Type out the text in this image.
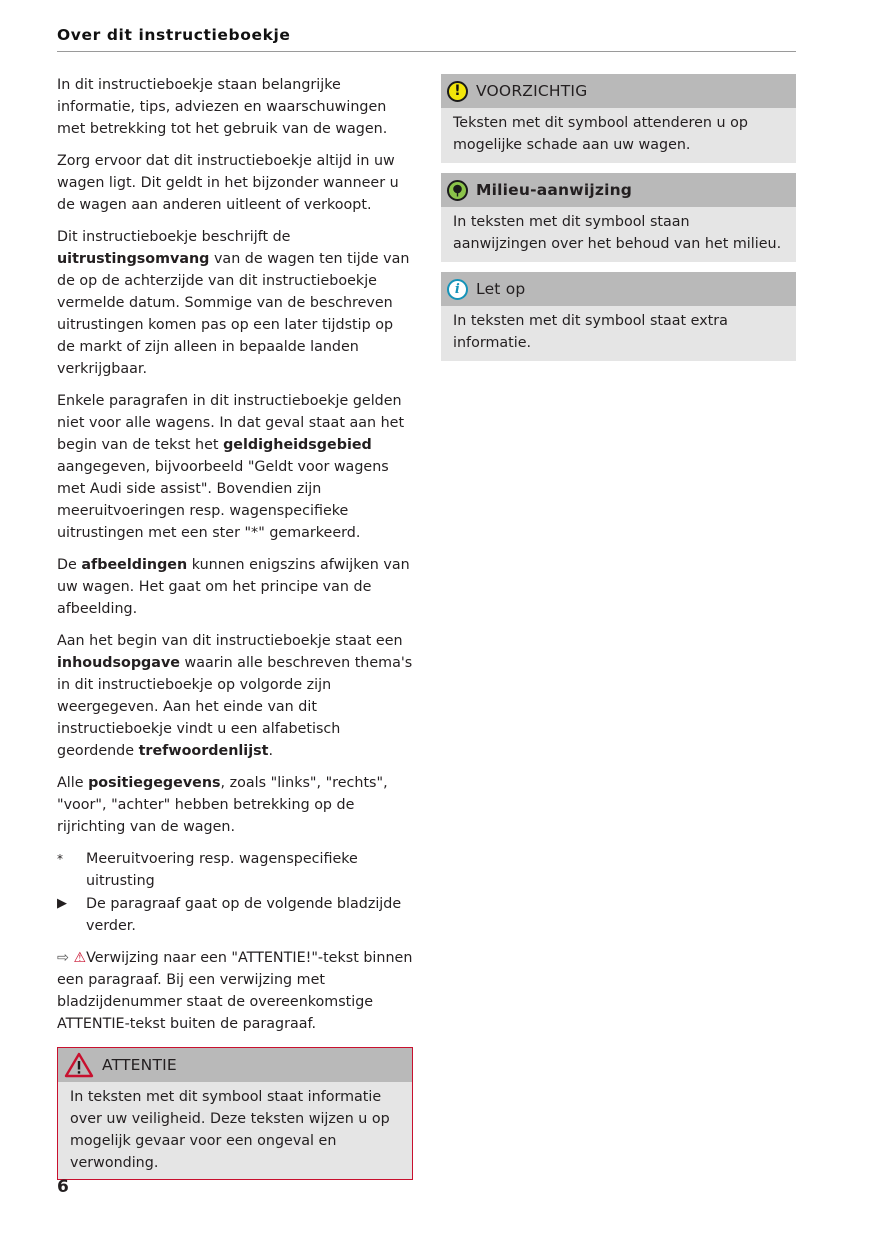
Over dit instructieboekje

In dit instructieboekje staan belangrijke informatie, tips, adviezen en waarschuwingen met betrekking tot het gebruik van de wagen.

Zorg ervoor dat dit instructieboekje altijd in uw wagen ligt. Dit geldt in het bijzonder wanneer u de wagen aan anderen uitleent of verkoopt.

Dit instructieboekje beschrijft de uitrustingsomvang van de wagen ten tijde van de op de achterzijde van dit instructieboekje vermelde datum. Sommige van de beschreven uitrustingen komen pas op een later tijdstip op de markt of zijn alleen in bepaalde landen verkrijgbaar.

Enkele paragrafen in dit instructieboekje gelden niet voor alle wagens. In dat geval staat aan het begin van de tekst het geldigheidsgebied aangegeven, bijvoorbeeld "Geldt voor wagens met Audi side assist". Bovendien zijn meeruitvoeringen resp. wagenspecifieke uitrustingen met een ster "*" gemarkeerd.

De afbeeldingen kunnen enigszins afwijken van uw wagen. Het gaat om het principe van de afbeelding.

Aan het begin van dit instructieboekje staat een inhoudsopgave waarin alle beschreven thema's in dit instructieboekje op volgorde zijn weergegeven. Aan het einde van dit instructieboekje vindt u een alfabetisch geordende trefwoordenlijst.

Alle positiegegevens, zoals "links", "rechts", "voor", "achter" hebben betrekking op de rijrichting van de wagen.

*	Meeruitvoering resp. wagenspecifieke uitrusting
▶	De paragraaf gaat op de volgende bladzijde verder.

⇨ ⚠Verwijzing naar een "ATTENTIE!"-tekst binnen een paragraaf. Bij een verwijzing met bladzijdenummer staat de overeenkomstige ATTENTIE-tekst buiten de paragraaf.

ATTENTIE
In teksten met dit symbool staat informatie over uw veiligheid. Deze teksten wijzen u op mogelijk gevaar voor een ongeval en verwonding.
! VOORZICHTIG
Teksten met dit symbool attenderen u op mogelijke schade aan uw wagen.
Milieu-aanwijzing
In teksten met dit symbool staan aanwijzingen over het behoud van het milieu.
i	Let op
In teksten met dit symbool staat extra informatie.
6
